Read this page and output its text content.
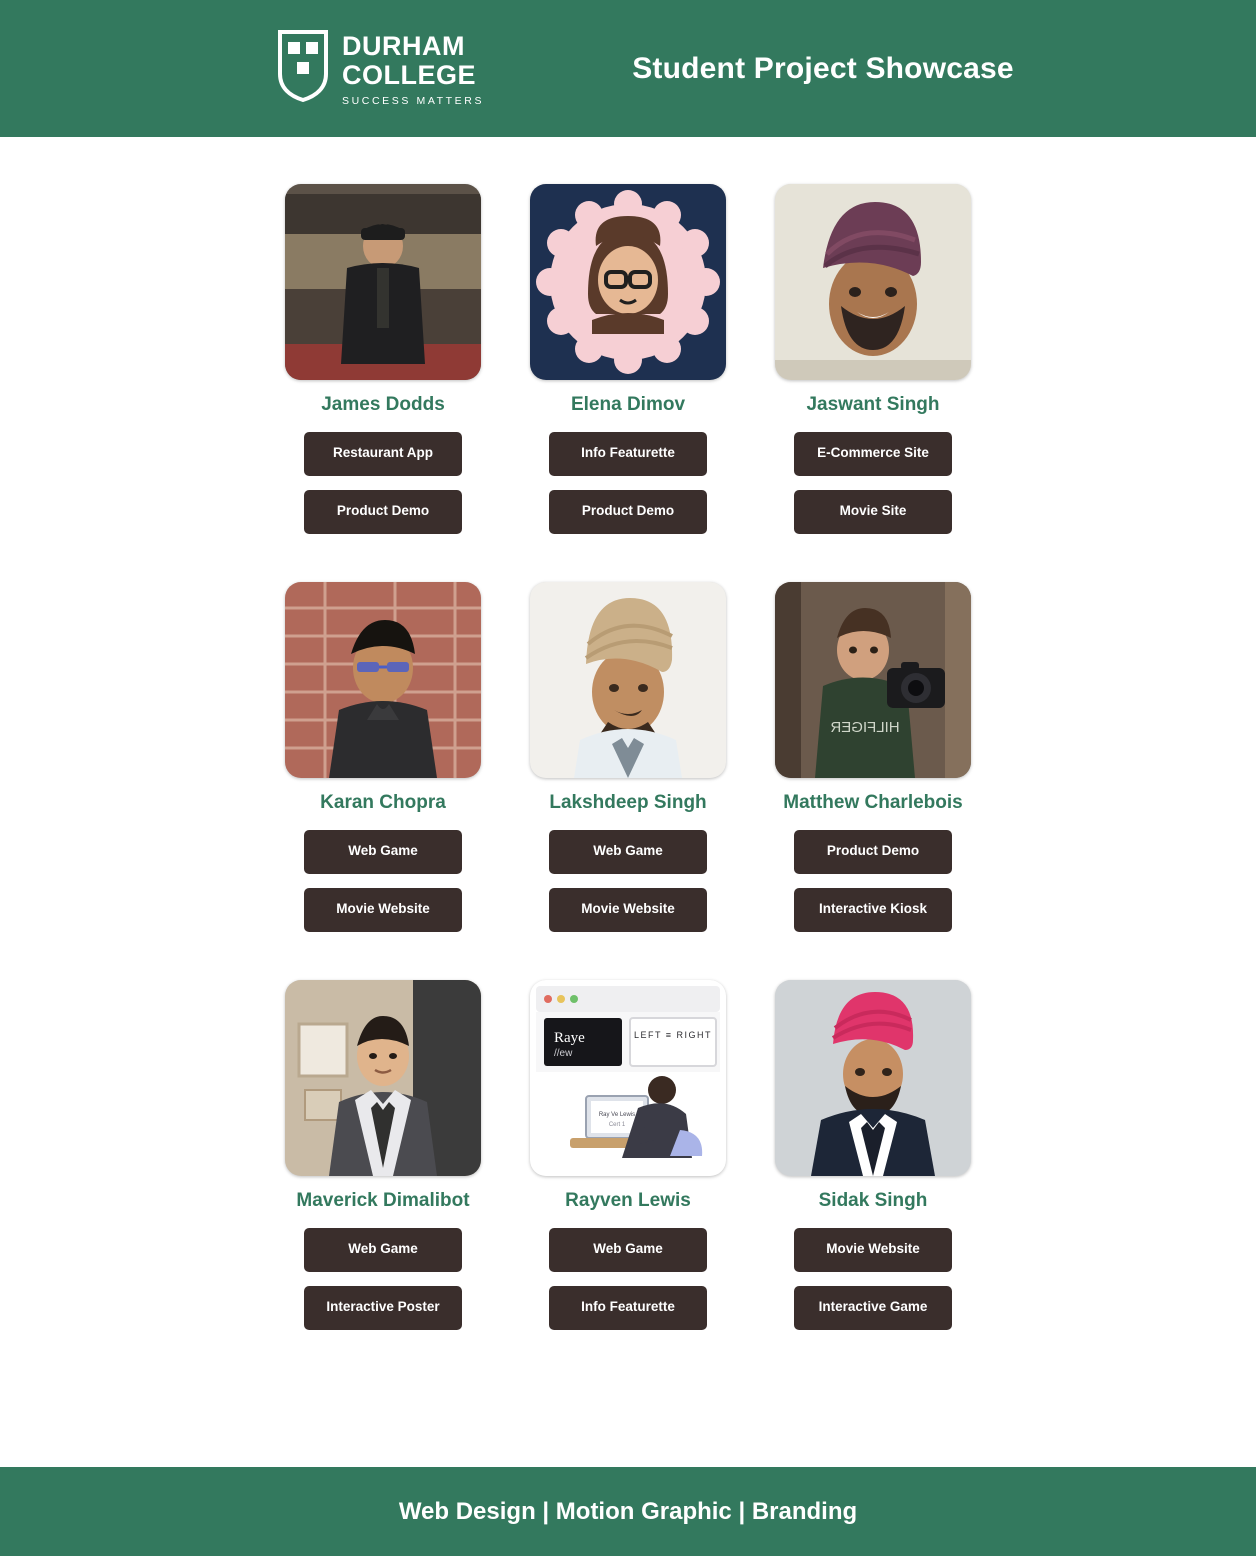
DURHAM
COLLEGE
SUCCESS MATTERS
Student Project Showcase
James Dodds
Restaurant App
Product Demo
Elena Dimov
Info Featurette
Product Demo
Jaswant Singh
E-Commerce Site
Movie Site
Karan Chopra
Web Game
Movie Website
Lakshdeep Singh
Web Game
Movie Website
HILFIGER
Matthew Charlebois
Product Demo
Interactive Kiosk
Maverick Dimalibot
Web Game
Interactive Poster
Raye
//ew
LEFT ≡ RIGHT
Ray Ve Lewis
Cert 1
Rayven Lewis
Web Game
Info Featurette
Sidak Singh
Movie Website
Interactive Game
Web Design | Motion Graphic | Branding
